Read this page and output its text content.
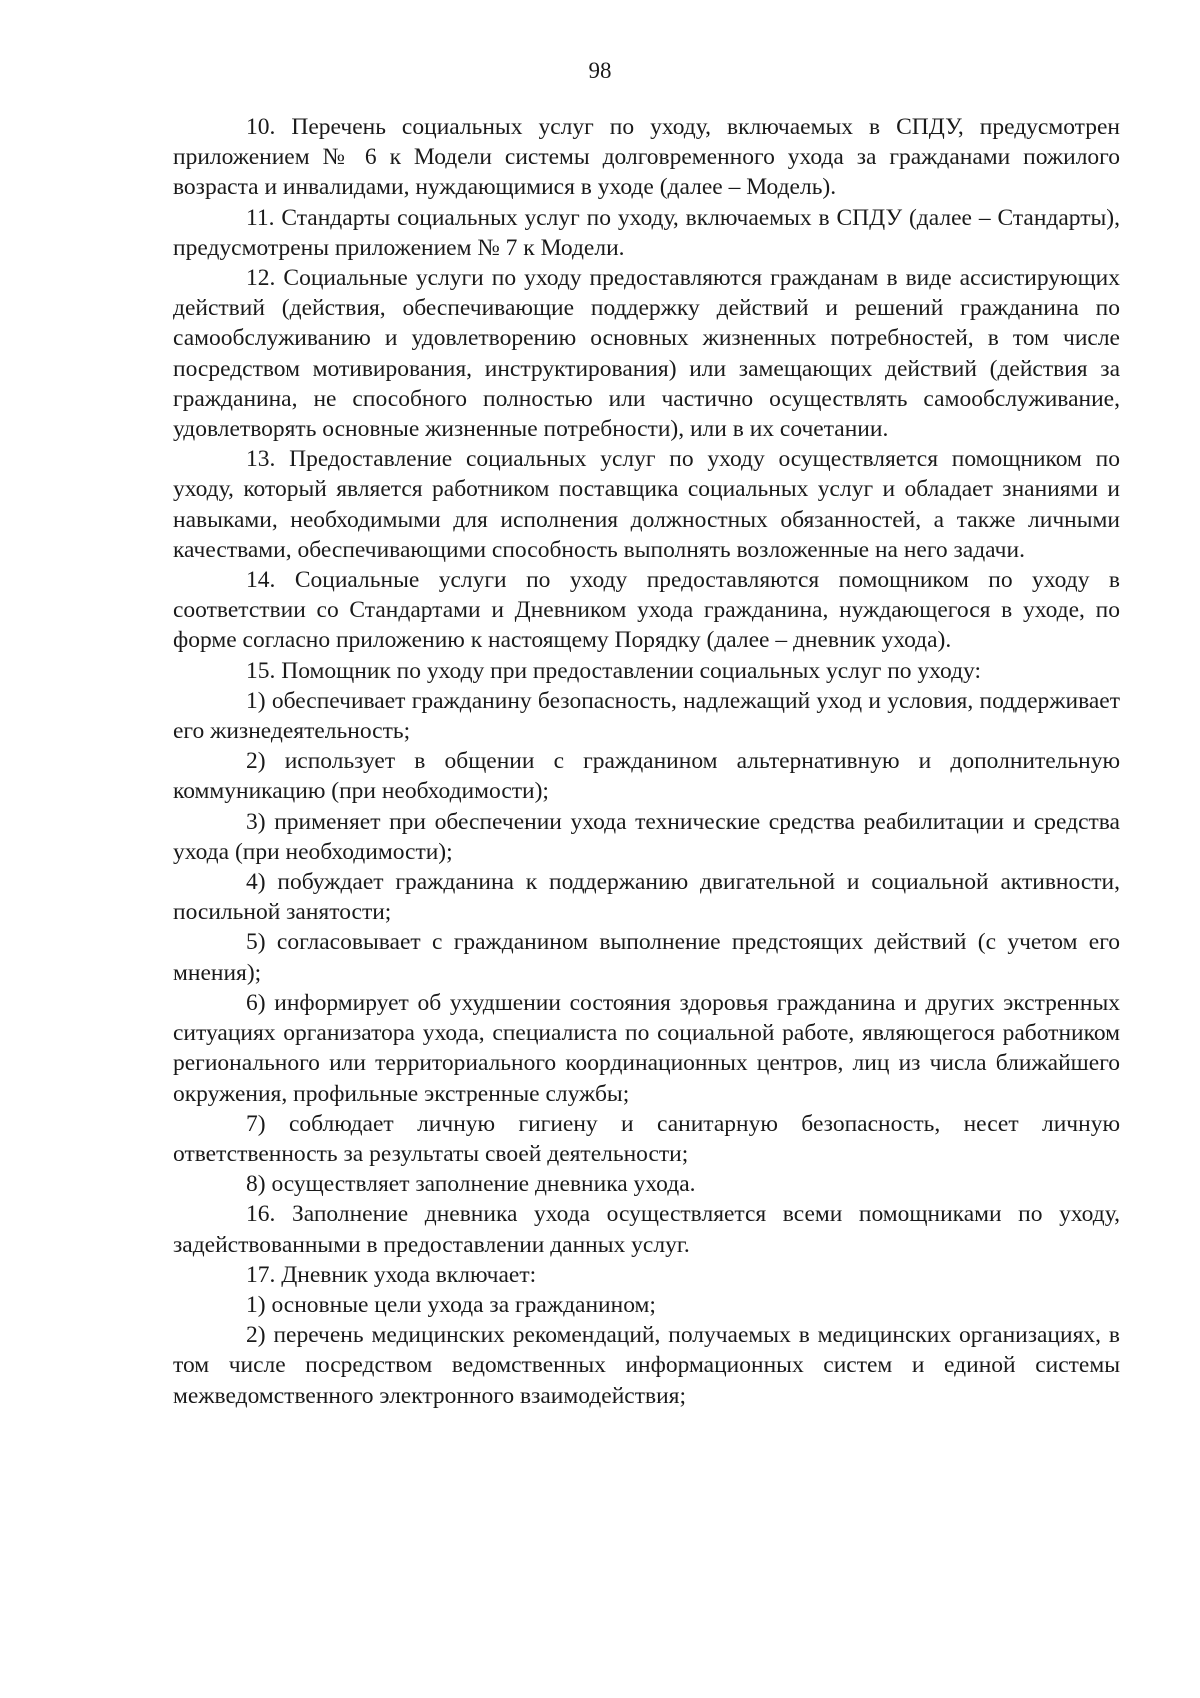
98

10. Перечень социальных услуг по уходу, включаемых в СПДУ, предусмотрен приложением № 6 к Модели системы долговременного ухода за гражданами пожилого возраста и инвалидами, нуждающимися в уходе (далее – Модель).

11. Стандарты социальных услуг по уходу, включаемых в СПДУ (далее – Стандарты), предусмотрены приложением № 7 к Модели.

12. Социальные услуги по уходу предоставляются гражданам в виде ассистирующих действий (действия, обеспечивающие поддержку действий и решений гражданина по самообслуживанию и удовлетворению основных жизненных потребностей, в том числе посредством мотивирования, инструктирования) или замещающих действий (действия за гражданина, не способного полностью или частично осуществлять самообслуживание, удовлетворять основные жизненные потребности), или в их сочетании.

13. Предоставление социальных услуг по уходу осуществляется помощником по уходу, который является работником поставщика социальных услуг и обладает знаниями и навыками, необходимыми для исполнения должностных обязанностей, а также личными качествами, обеспечивающими способность выполнять возложенные на него задачи.

14. Социальные услуги по уходу предоставляются помощником по уходу в соответствии со Стандартами и Дневником ухода гражданина, нуждающегося в уходе, по форме согласно приложению к настоящему Порядку (далее – дневник ухода).

15. Помощник по уходу при предоставлении социальных услуг по уходу:

1) обеспечивает гражданину безопасность, надлежащий уход и условия, поддерживает его жизнедеятельность;

2) использует в общении с гражданином альтернативную и дополнительную коммуникацию (при необходимости);

3) применяет при обеспечении ухода технические средства реабилитации и средства ухода (при необходимости);

4) побуждает гражданина к поддержанию двигательной и социальной активности, посильной занятости;

5) согласовывает с гражданином выполнение предстоящих действий (с учетом его мнения);

6) информирует об ухудшении состояния здоровья гражданина и других экстренных ситуациях организатора ухода, специалиста по социальной работе, являющегося работником регионального или территориального координационных центров, лиц из числа ближайшего окружения, профильные экстренные службы;

7) соблюдает личную гигиену и санитарную безопасность, несет личную ответственность за результаты своей деятельности;

8) осуществляет заполнение дневника ухода.

16. Заполнение дневника ухода осуществляется всеми помощниками по уходу, задействованными в предоставлении данных услуг.

17. Дневник ухода включает:

1) основные цели ухода за гражданином;

2) перечень медицинских рекомендаций, получаемых в медицинских организациях, в том числе посредством ведомственных информационных систем и единой системы межведомственного электронного взаимодействия;
